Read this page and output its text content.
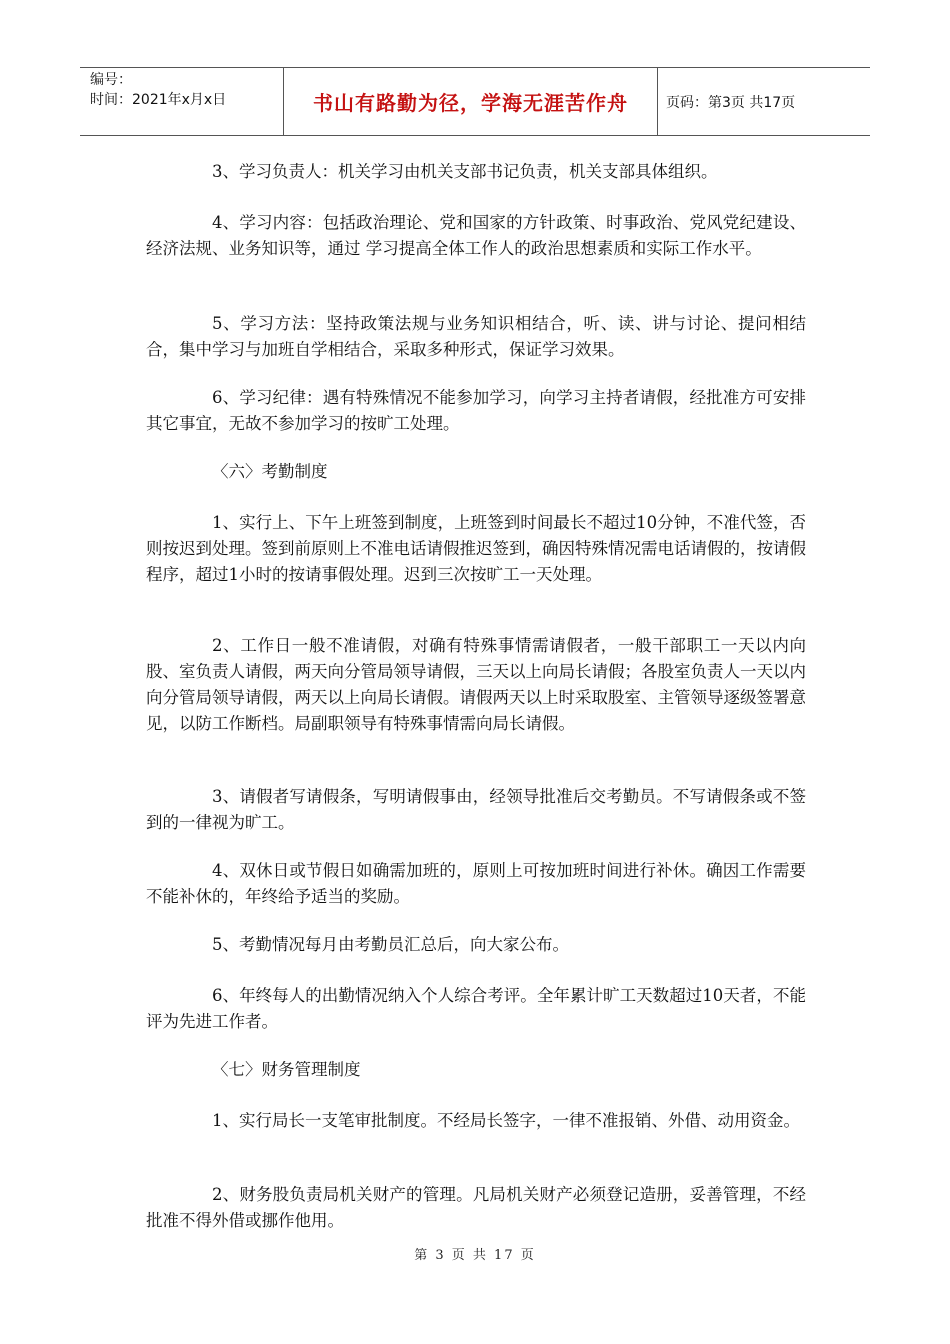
编号：
时间：2021年x月x日	书山有路勤为径，学海无涯苦作舟	页码：第3页 共17页

3、学习负责人：机关学习由机关支部书记负责，机关支部具体组织。

4、学习内容：包括政治理论、党和国家的方针政策、时事政治、党风党纪建设、经济法规、业务知识等，通过 学习提高全体工作人的政治思想素质和实际工作水平。

5、学习方法：坚持政策法规与业务知识相结合，听、读、讲与讨论、提问相结合，集中学习与加班自学相结合，采取多种形式，保证学习效果。

6、学习纪律：遇有特殊情况不能参加学习，向学习主持者请假，经批准方可安排其它事宜，无故不参加学习的按旷工处理。

〈六〉考勤制度

1、实行上、下午上班签到制度，上班签到时间最长不超过10分钟，不准代签，否则按迟到处理。签到前原则上不准电话请假推迟签到，确因特殊情况需电话请假的，按请假程序，超过1小时的按请事假处理。迟到三次按旷工一天处理。

2、工作日一般不准请假，对确有特殊事情需请假者，一般干部职工一天以内向股、室负责人请假，两天向分管局领导请假，三天以上向局长请假；各股室负责人一天以内向分管局领导请假，两天以上向局长请假。请假两天以上时采取股室、主管领导逐级签署意见，以防工作断档。局副职领导有特殊事情需向局长请假。

3、请假者写请假条，写明请假事由，经领导批准后交考勤员。不写请假条或不签到的一律视为旷工。

4、双休日或节假日如确需加班的，原则上可按加班时间进行补休。确因工作需要不能补休的，年终给予适当的奖励。

5、考勤情况每月由考勤员汇总后，向大家公布。

6、年终每人的出勤情况纳入个人综合考评。全年累计旷工天数超过10天者，不能评为先进工作者。

〈七〉财务管理制度

1、实行局长一支笔审批制度。不经局长签字，一律不准报销、外借、动用资金。

2、财务股负责局机关财产的管理。凡局机关财产必须登记造册，妥善管理，不经批准不得外借或挪作他用。

第 3 页 共 17 页
